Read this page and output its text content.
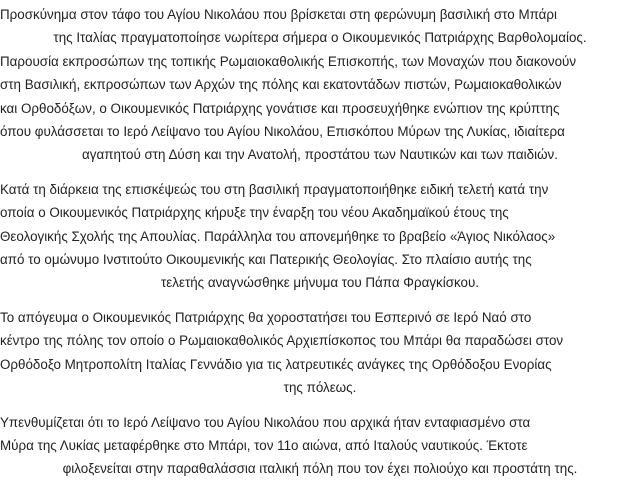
Προσκύνημα στον τάφο του Αγίου Νικολάου που βρίσκεται στη φερώνυμη βασιλική στο Μπάρι
της Ιταλίας πραγματοποίησε νωρίτερα σήμερα ο Οικουμενικός Πατριάρχης Βαρθολομαίος.
Παρουσία εκπροσώπων της τοπικής Ρωμαιοκαθολικής Επισκοπής, των Μοναχών που διακονούν
στη Βασιλική, εκπροσώπων των Αρχών της πόλης και εκατοντάδων πιστών, Ρωμαιοκαθολικών
και Ορθοδόξων, ο Οικουμενικός Πατριάρχης γονάτισε και προσευχήθηκε ενώπιον της κρύπτης
όπου φυλάσσεται το Ιερό Λείψανο του Αγίου Νικολάου, Επισκόπου Μύρων της Λυκίας, ιδιαίτερα
αγαπητού στη Δύση και την Ανατολή, προστάτου των Ναυτικών και των παιδιών.

Κατά τη διάρκεια της επισκέψεώς του στη βασιλική πραγματοποιήθηκε ειδική τελετή κατά την
οποία ο Οικουμενικός Πατριάρχης κήρυξε την έναρξη του νέου Ακαδημαϊκού έτους της
Θεολογικής Σχολής της Απουλίας. Παράλληλα του απονεμήθηκε το βραβείο «Άγιος Νικόλαος»
από το ομώνυμο Ινστιτούτο Οικουμενικής και Πατερικής Θεολογίας. Στο πλαίσιο αυτής της
τελετής αναγνώσθηκε μήνυμα του Πάπα Φραγκίσκου.

Το απόγευμα ο Οικουμενικός Πατριάρχης θα χοροστατήσει του Εσπερινό σε Ιερό Ναό στο
κέντρο της πόλης τον οποίο ο Ρωμαιοκαθολικός Αρχιεπίσκοπος του Μπάρι θα παραδώσει στον
Ορθόδοξο Μητροπολίτη Ιταλίας Γεννάδιο για τις λατρευτικές ανάγκες της Ορθόδοξου Ενορίας
της πόλεως.

Υπενθυμίζεται ότι το Ιερό Λείψανο του Αγίου Νικολάου που αρχικά ήταν ενταφιασμένο στα
Μύρα της Λυκίας μεταφέρθηκε στο Μπάρι, τον 11ο αιώνα, από Ιταλούς ναυτικούς. Έκτοτε
φιλοξενείται στην παραθαλάσσια ιταλική πόλη που τον έχει πολιούχο και προστάτη της.
